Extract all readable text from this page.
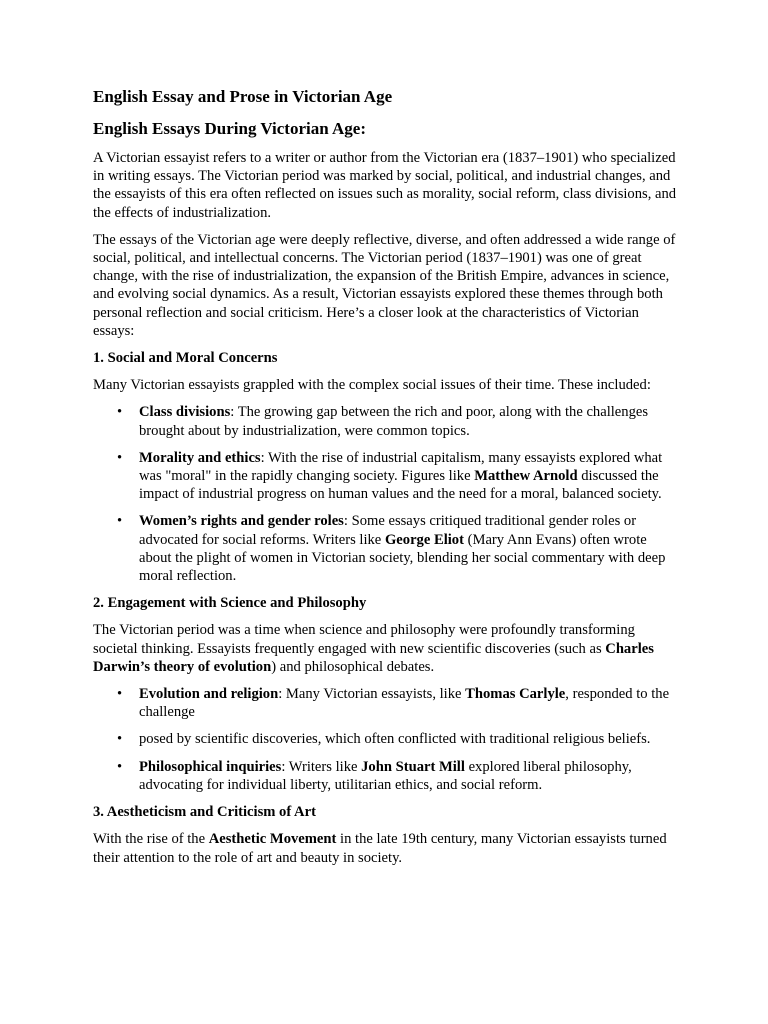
English Essay and Prose in Victorian Age
English Essays During Victorian Age:

A Victorian essayist refers to a writer or author from the Victorian era (1837–1901) who specialized in writing essays. The Victorian period was marked by social, political, and industrial changes, and the essayists of this era often reflected on issues such as morality, social reform, class divisions, and the effects of industrialization.

The essays of the Victorian age were deeply reflective, diverse, and often addressed a wide range of social, political, and intellectual concerns. The Victorian period (1837–1901) was one of great change, with the rise of industrialization, the expansion of the British Empire, advances in science, and evolving social dynamics. As a result, Victorian essayists explored these themes through both personal reflection and social criticism. Here’s a closer look at the characteristics of Victorian essays:

1. Social and Moral Concerns

Many Victorian essayists grappled with the complex social issues of their time. These included:

• Class divisions: The growing gap between the rich and poor, along with the challenges brought about by industrialization, were common topics.
• Morality and ethics: With the rise of industrial capitalism, many essayists explored what was "moral" in the rapidly changing society. Figures like Matthew Arnold discussed the impact of industrial progress on human values and the need for a moral, balanced society.
• Women’s rights and gender roles: Some essays critiqued traditional gender roles or advocated for social reforms. Writers like George Eliot (Mary Ann Evans) often wrote about the plight of women in Victorian society, blending her social commentary with deep moral reflection.
2. Engagement with Science and Philosophy

The Victorian period was a time when science and philosophy were profoundly transforming societal thinking. Essayists frequently engaged with new scientific discoveries (such as Charles Darwin’s theory of evolution) and philosophical debates.

• Evolution and religion: Many Victorian essayists, like Thomas Carlyle, responded to the challenge
• posed by scientific discoveries, which often conflicted with traditional religious beliefs.
• Philosophical inquiries: Writers like John Stuart Mill explored liberal philosophy, advocating for individual liberty, utilitarian ethics, and social reform.
3. Aestheticism and Criticism of Art

With the rise of the Aesthetic Movement in the late 19th century, many Victorian essayists turned their attention to the role of art and beauty in society.
